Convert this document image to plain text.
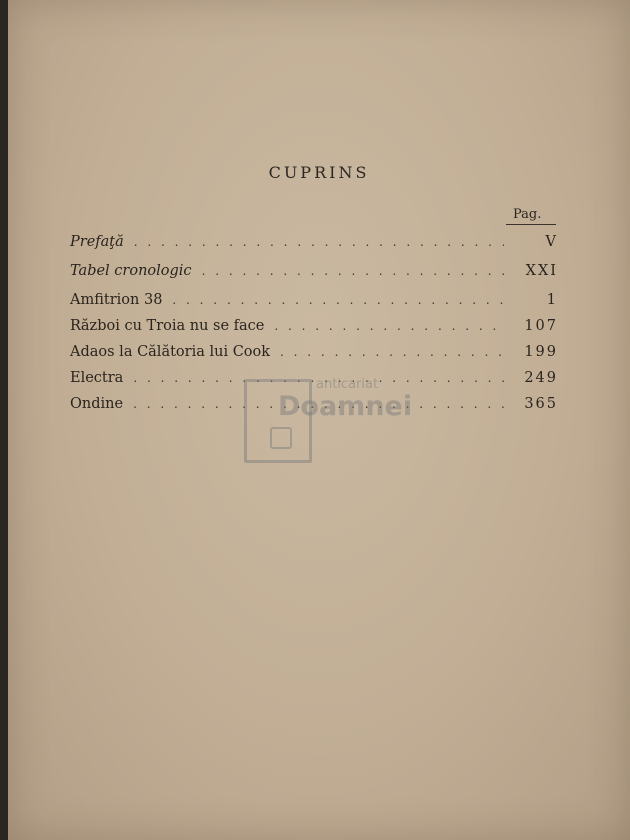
CUPRINS
Pag.
Prefaţă . . .	V
Tabel cronologic . . .	XXI
Amfitrion 38 . . .	1
Război cu Troia nu se face . . .	107
Adaos la Călătoria lui Cook . . .	199
Electra . . .	249
Ondine . . .	365
anticariat
Doamnei
